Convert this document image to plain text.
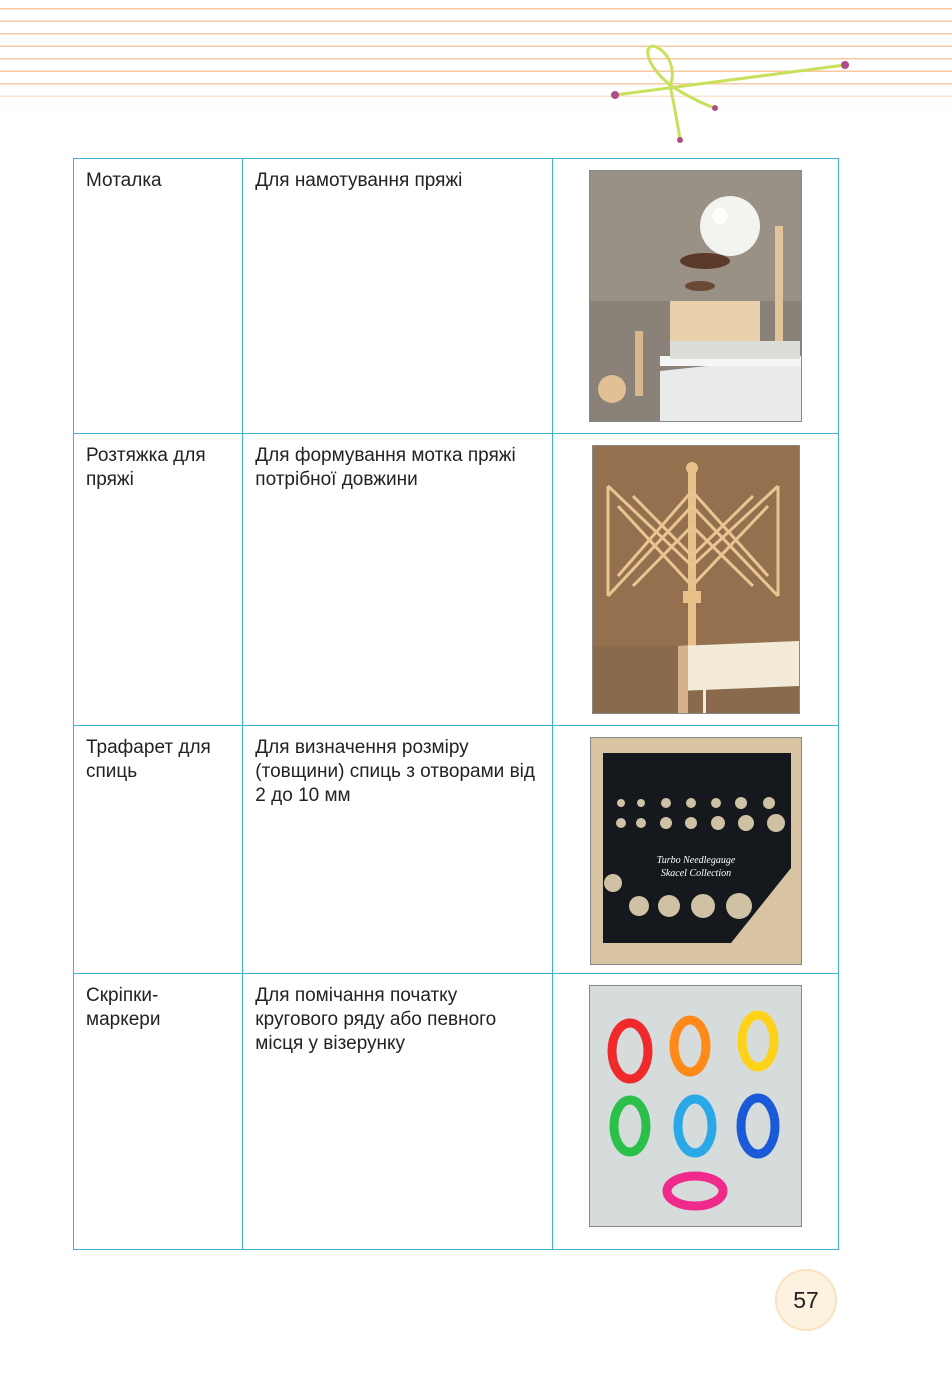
Моталка	Для намотування пряжі	

Розтяжка для пряжі	Для формування мотка пряжі потрібної довжини	

Трафарет для спиць	Для визначення розміру (товщини) спиць з отворами від 2 до 10 мм	Turbo Needlegauge
Skacel Collection

Скріпки-маркери	Для помічання початку кругового ряду або певного місця у візерунку	
57
